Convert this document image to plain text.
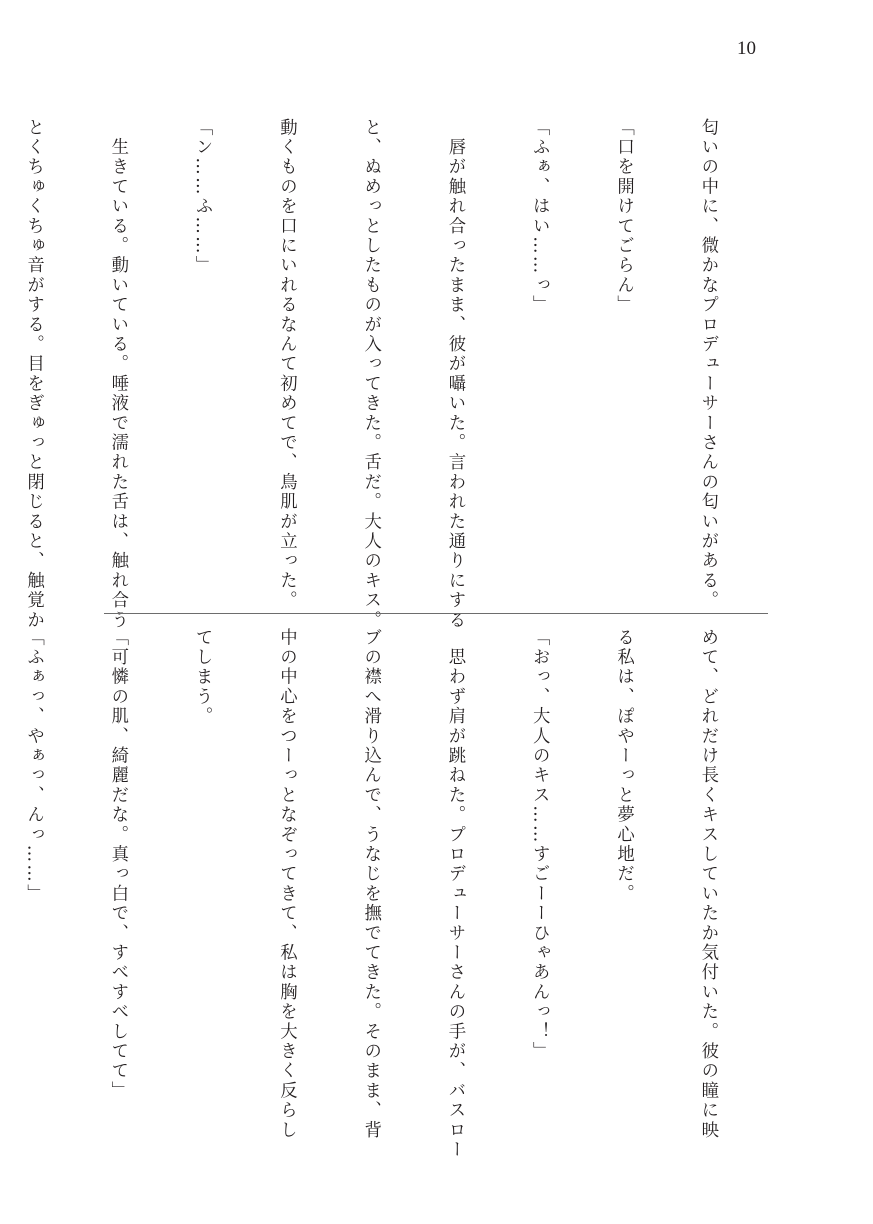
10

匂いの中に、微かなプロデューサーさんの匂いがある。

「口を開けてごらん」

「ふぁ、はい……っ」

　唇が触れ合ったまま、彼が囁いた。言われた通りにする

と、ぬめっとしたものが入ってきた。舌だ。大人のキス。

動くものを口にいれるなんて初めてで、鳥肌が立った。

「ン……ふ……」

　生きている。動いている。唾液で濡れた舌は、触れ合う

とくちゅくちゅ音がする。目をぎゅっと閉じると、触覚か

めて、どれだけ長くキスしていたか気付いた。彼の瞳に映

る私は、ぽやーっと夢心地だ。

「おっ、大人のキス……すごーーひゃあんっ！」

　思わず肩が跳ねた。プロデューサーさんの手が、バスロー

ブの襟へ滑り込んで、うなじを撫でてきた。そのまま、背

中の中心をつーっとなぞってきて、私は胸を大きく反らし

てしまう。

「可憐の肌、綺麗だな。真っ白で、すべすべしてて」

「ふぁっ、やぁっ、んっ……」
